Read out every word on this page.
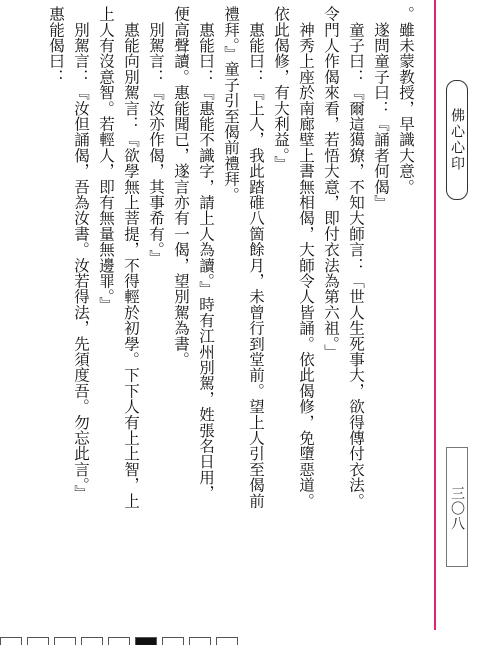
。雖未蒙教授，早識大意。
　遂問童子曰：『誦者何偈』
　童子曰：『爾這獦獠，不知大師言：「世人生死事大，欲得傳付衣法。
令門人作偈來看，若悟大意，即付衣法為第六祖。」
　神秀上座於南廊壁上書無相偈，大師令人皆誦。依此偈修，免墮惡道。
依此偈修，有大利益。』
　惠能曰：『上人，我此踏碓八箇餘月，未曾行到堂前。望上人引至偈前
禮拜。』童子引至偈前禮拜。
　惠能曰：『惠能不識字，請上人為讀。』時有江州別駕，姓張名日用，
便高聲讀。惠能聞已，遂言亦有一偈，望別駕為書。
　別駕言：『汝亦作偈，其事希有。』
　惠能向別駕言：『欲學無上菩提，不得輕於初學。下下人有上上智，上
上人有沒意智。若輕人，即有無量無邊罪。』
　別駕言：『汝但誦偈，吾為汝書。汝若得法，先須度吾。勿忘此言。』
惠能偈曰：
佛心心印
三〇八
